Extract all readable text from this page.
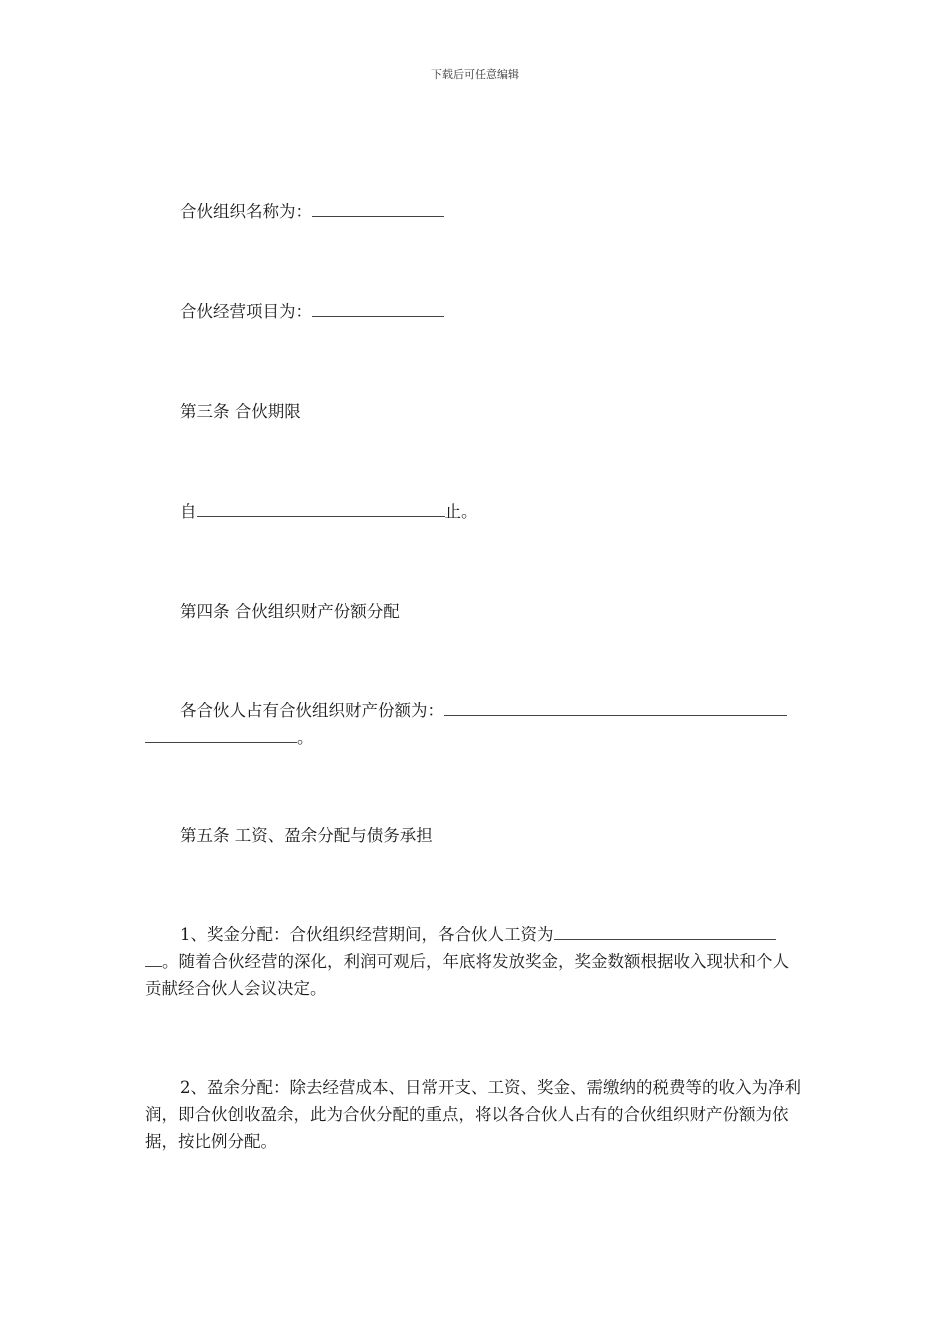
下载后可任意编辑

合伙组织名称为：

合伙经营项目为：

第三条 合伙期限

自	止。

第四条 合伙组织财产份额分配

各合伙人占有合伙组织财产份额为：

。

第五条 工资、盈余分配与债务承担

1、奖金分配：合伙组织经营期间，各合伙人工资为

。随着合伙经营的深化，利润可观后，年底将发放奖金，奖金数额根据收入现状和个人贡献经合伙人会议决定。

2、盈余分配：除去经营成本、日常开支、工资、奖金、需缴纳的税费等的收入为净利润，即合伙创收盈余，此为合伙分配的重点，将以各合伙人占有的合伙组织财产份额为依据，按比例分配。
